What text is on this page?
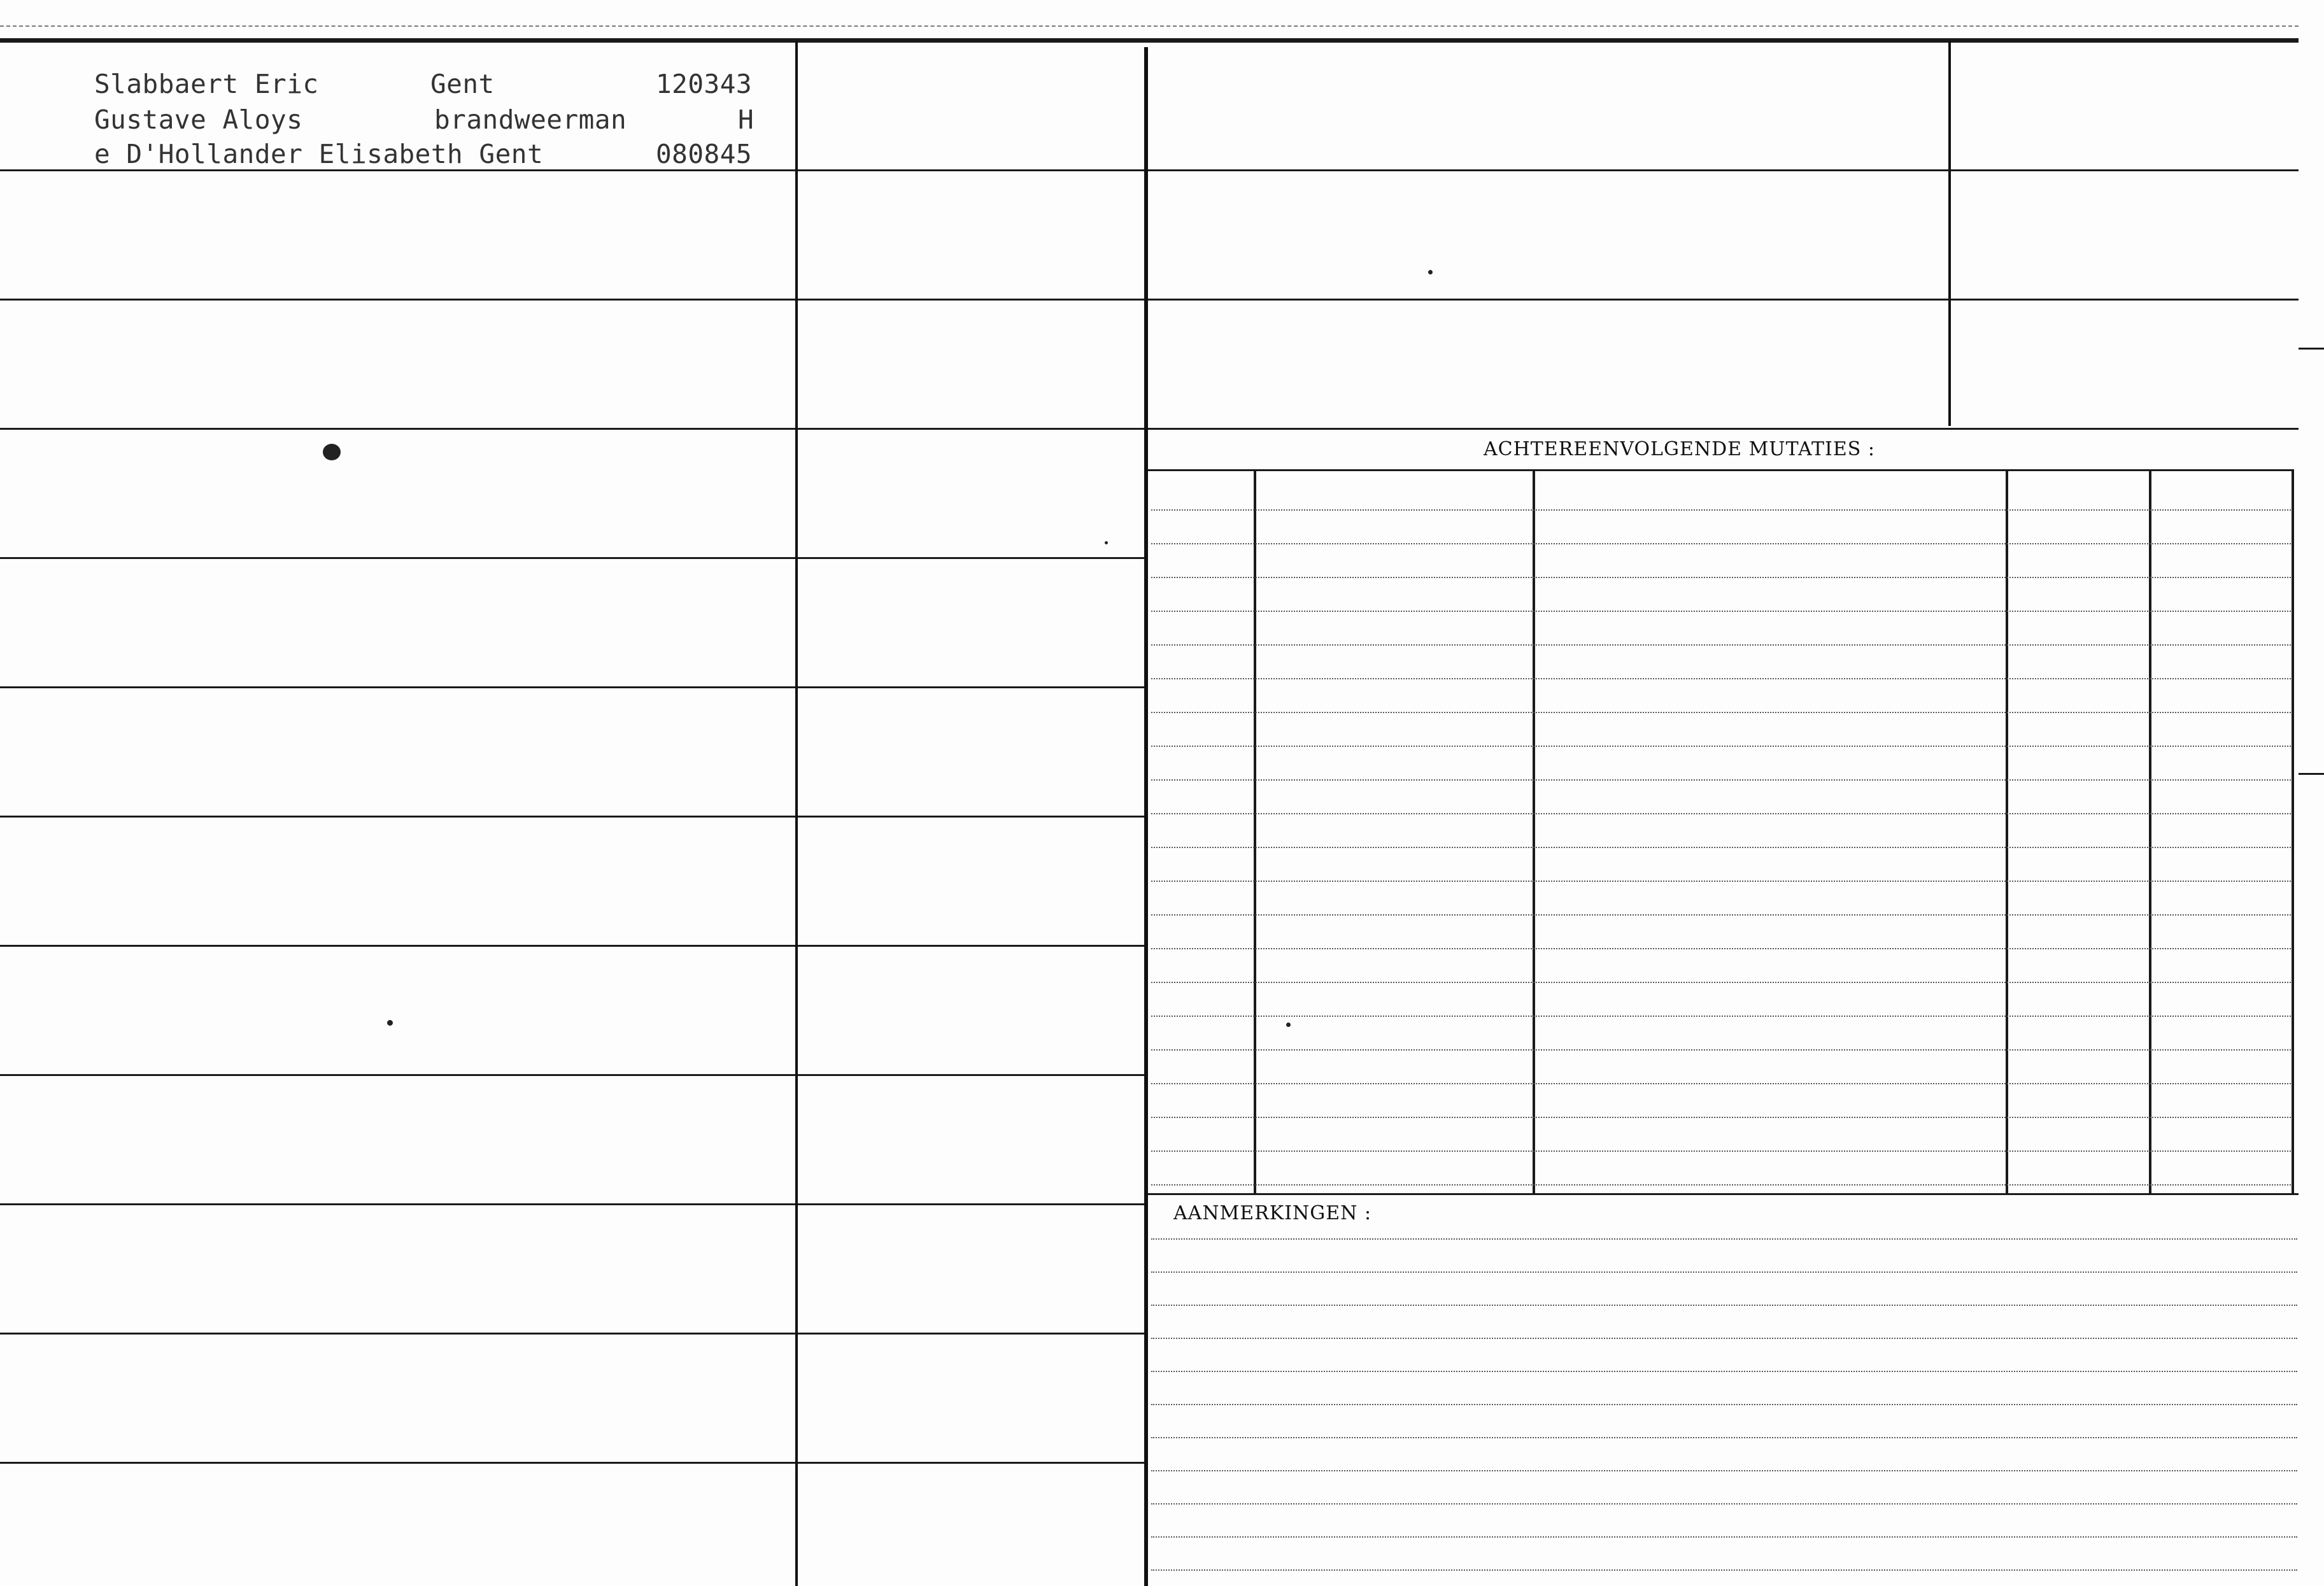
Slabbaert Eric	Gent	120343
Gustave Aloys	brandweerman	H
e D'Hollander Elisabeth Gent	080845
ACHTEREENVOLGENDE MUTATIES :
AANMERKINGEN :
